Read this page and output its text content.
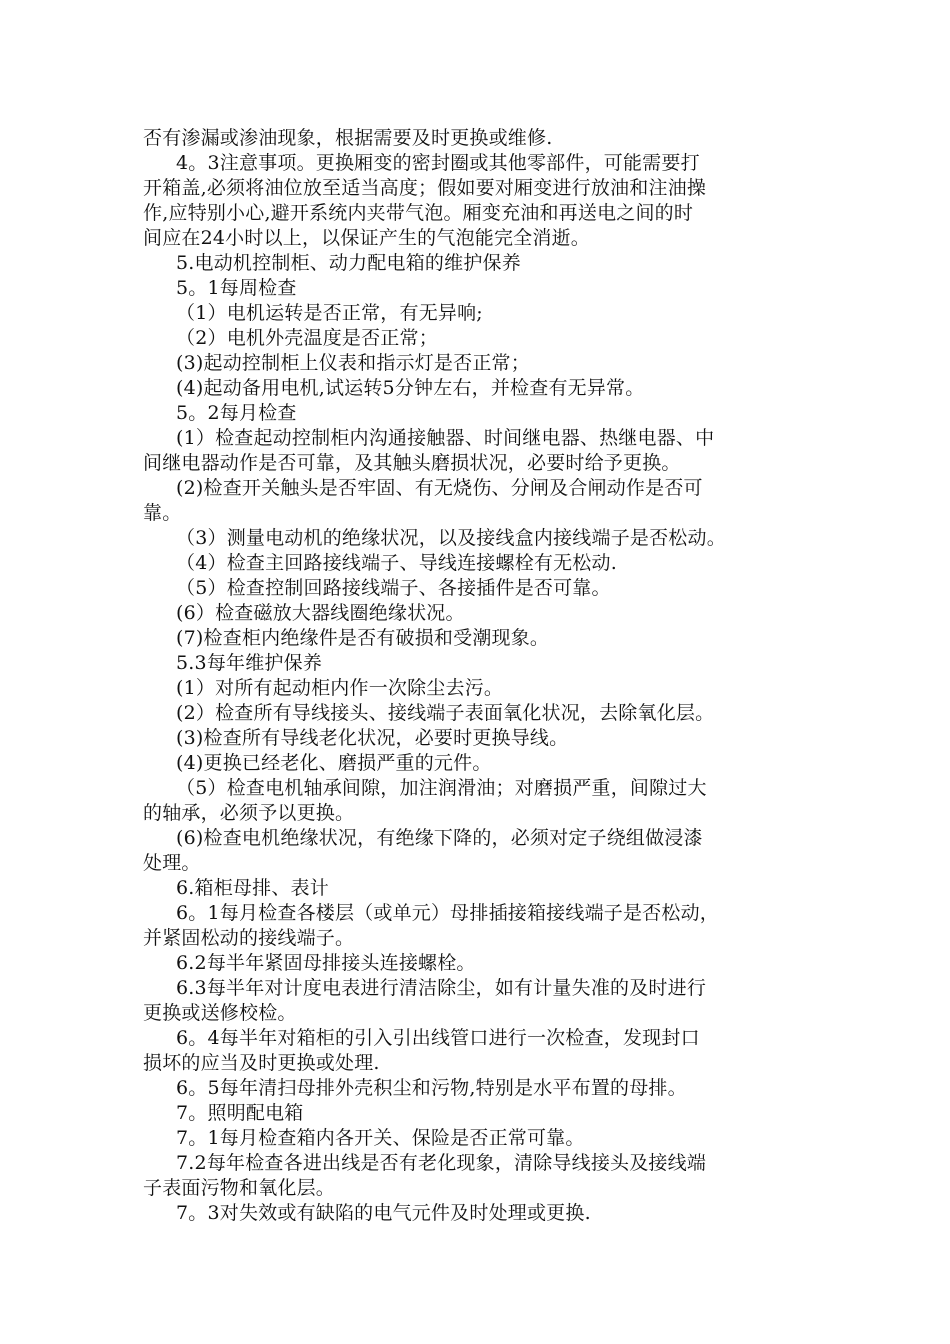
否有渗漏或渗油现象，根据需要及时更换或维修.
4。3注意事项。更换厢变的密封圈或其他零部件，可能需要打
开箱盖,必须将油位放至适当高度；假如要对厢变进行放油和注油操
作,应特别小心,避开系统内夹带气泡。厢变充油和再送电之间的时
间应在24小时以上，以保证产生的气泡能完全消逝。
5.电动机控制柜、动力配电箱的维护保养
5。1每周检查
（1）电机运转是否正常，有无异响;
（2）电机外壳温度是否正常；
(3)起动控制柜上仪表和指示灯是否正常；
(4)起动备用电机,试运转5分钟左右，并检查有无异常。
5。2每月检查
(1）检查起动控制柜内沟通接触器、时间继电器、热继电器、中
间继电器动作是否可靠，及其触头磨损状况，必要时给予更换。
(2)检查开关触头是否牢固、有无烧伤、分闸及合闸动作是否可
靠。
（3）测量电动机的绝缘状况，以及接线盒内接线端子是否松动。
（4）检查主回路接线端子、导线连接螺栓有无松动.
（5）检查控制回路接线端子、各接插件是否可靠。
(6）检查磁放大器线圈绝缘状况。
(7)检查柜内绝缘件是否有破损和受潮现象。
5.3每年维护保养
(1）对所有起动柜内作一次除尘去污。
(2）检查所有导线接头、接线端子表面氧化状况，去除氧化层。
(3)检查所有导线老化状况，必要时更换导线。
(4)更换已经老化、磨损严重的元件。
（5）检查电机轴承间隙，加注润滑油；对磨损严重，间隙过大
的轴承，必须予以更换。
(6)检查电机绝缘状况，有绝缘下降的，必须对定子绕组做浸漆
处理。
6.箱柜母排、表计
6。1每月检查各楼层（或单元）母排插接箱接线端子是否松动，
并紧固松动的接线端子。
6.2每半年紧固母排接头连接螺栓。
6.3每半年对计度电表进行清洁除尘，如有计量失准的及时进行
更换或送修校检。
6。4每半年对箱柜的引入引出线管口进行一次检查，发现封口
损坏的应当及时更换或处理.
6。5每年清扫母排外壳积尘和污物,特别是水平布置的母排。
7。照明配电箱
7。1每月检查箱内各开关、保险是否正常可靠。
7.2每年检查各进出线是否有老化现象，清除导线接头及接线端
子表面污物和氧化层。
7。3对失效或有缺陷的电气元件及时处理或更换.
